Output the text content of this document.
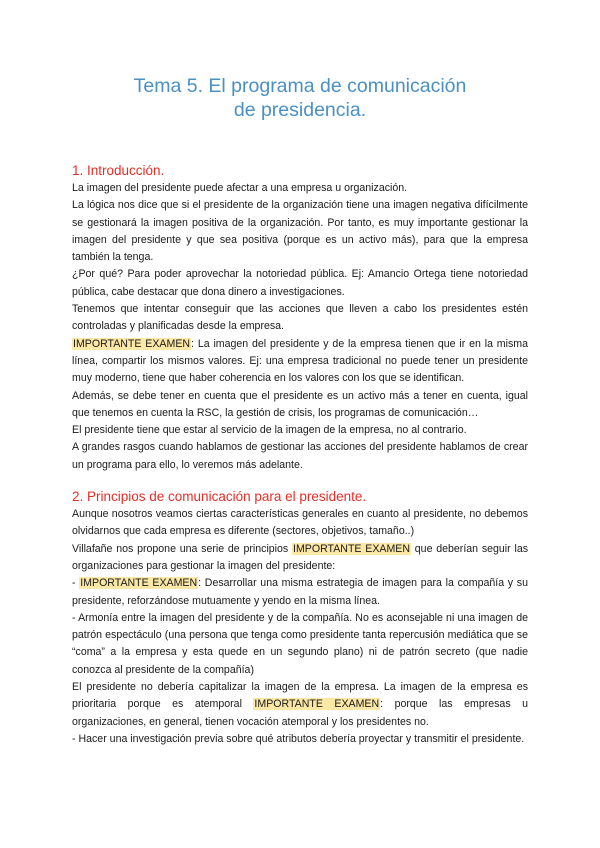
Tema 5. El programa de comunicación
de presidencia.
1. Introducción.

La imagen del presidente puede afectar a una empresa u organización.

La lógica nos dice que si el presidente de la organización tiene una imagen negativa difícilmente se gestionará la imagen positiva de la organización. Por tanto, es muy importante gestionar la imagen del presidente y que sea positiva (porque es un activo más), para que la empresa también la tenga.

¿Por qué? Para poder aprovechar la notoriedad pública. Ej: Amancio Ortega tiene notoriedad pública, cabe destacar que dona dinero a investigaciones.

Tenemos que intentar conseguir que las acciones que lleven a cabo los presidentes estén controladas y planificadas desde la empresa.

IMPORTANTE EXAMEN: La imagen del presidente y de la empresa tienen que ir en la misma línea, compartir los mismos valores. Ej: una empresa tradicional no puede tener un presidente muy moderno, tiene que haber coherencia en los valores con los que se identifican.

Además, se debe tener en cuenta que el presidente es un activo más a tener en cuenta, igual que tenemos en cuenta la RSC, la gestión de crisis, los programas de comunicación…

El presidente tiene que estar al servicio de la imagen de la empresa, no al contrario.

A grandes rasgos cuando hablamos de gestionar las acciones del presidente hablamos de crear un programa para ello, lo veremos más adelante.

2. Principios de comunicación para el presidente.

Aunque nosotros veamos ciertas características generales en cuanto al presidente, no debemos olvidarnos que cada empresa es diferente (sectores, objetivos, tamaño..)

Villafañe nos propone una serie de principios IMPORTANTE EXAMEN que deberían seguir las organizaciones para gestionar la imagen del presidente:

- IMPORTANTE EXAMEN: Desarrollar una misma estrategia de imagen para la compañía y su presidente, reforzándose mutuamente y yendo en la misma línea.

- Armonía entre la imagen del presidente y de la compañía. No es aconsejable ni una imagen de patrón espectáculo (una persona que tenga como presidente tanta repercusión mediática que se “coma” a la empresa y esta quede en un segundo plano) ni de patrón secreto (que nadie conozca al presidente de la compañía)

El presidente no debería capitalizar la imagen de la empresa. La imagen de la empresa es prioritaria porque es atemporal IMPORTANTE EXAMEN: porque las empresas u organizaciones, en general, tienen vocación atemporal y los presidentes no.

- Hacer una investigación previa sobre qué atributos debería proyectar y transmitir el presidente.
